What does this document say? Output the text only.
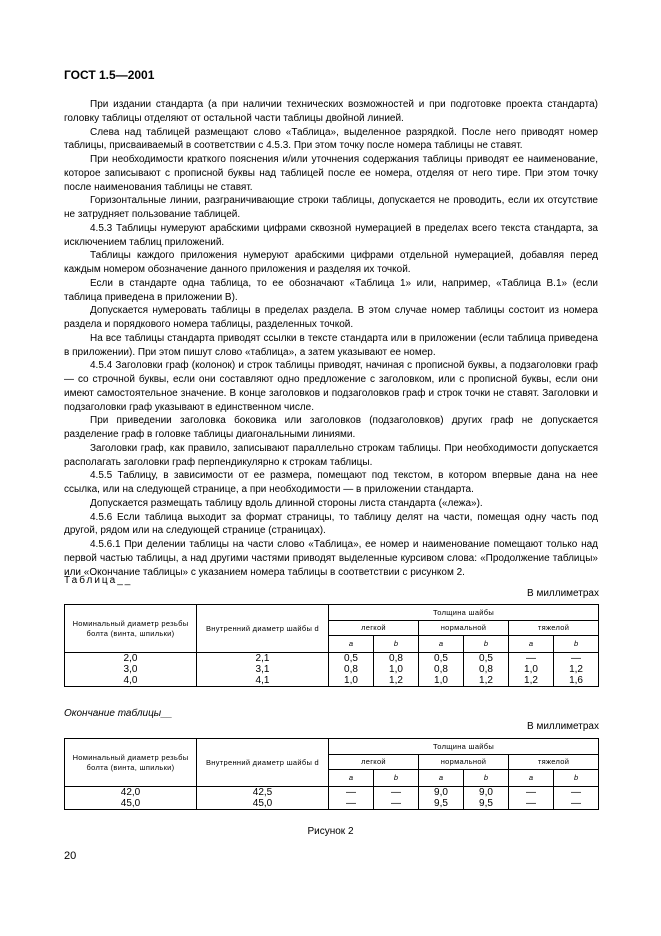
ГОСТ 1.5—2001

При издании стандарта (а при наличии технических возможностей и при подготовке проекта стандарта) головку таблицы отделяют от остальной части таблицы двойной линией.

Слева над таблицей размещают слово «Таблица», выделенное разрядкой. После него приводят номер таблицы, присваиваемый в соответствии с 4.5.3. При этом точку после номера таблицы не ставят.

При необходимости краткого пояснения и/или уточнения содержания таблицы приводят ее наименование, которое записывают с прописной буквы над таблицей после ее номера, отделяя от него тире. При этом точку после наименования таблицы не ставят.

Горизонтальные линии, разграничивающие строки таблицы, допускается не проводить, если их отсутствие не затрудняет пользование таблицей.

4.5.3 Таблицы нумеруют арабскими цифрами сквозной нумерацией в пределах всего текста стандарта, за исключением таблиц приложений.

Таблицы каждого приложения нумеруют арабскими цифрами отдельной нумерацией, добавляя перед каждым номером обозначение данного приложения и разделяя их точкой.

Если в стандарте одна таблица, то ее обозначают «Таблица 1» или, например, «Таблица В.1» (если таблица приведена в приложении В).

Допускается нумеровать таблицы в пределах раздела. В этом случае номер таблицы состоит из номера раздела и порядкового номера таблицы, разделенных точкой.

На все таблицы стандарта приводят ссылки в тексте стандарта или в приложении (если таблица приведена в приложении). При этом пишут слово «таблица», а затем указывают ее номер.

4.5.4 Заголовки граф (колонок) и строк таблицы приводят, начиная с прописной буквы, а подзаголовки граф — со строчной буквы, если они составляют одно предложение с заголовком, или с прописной буквы, если они имеют самостоятельное значение. В конце заголовков и подзаголовков граф и строк точки не ставят. Заголовки и подзаголовки граф указывают в единственном числе.

При приведении заголовка боковика или заголовков (подзаголовков) других граф не допускается разделение граф в головке таблицы диагональными линиями.

Заголовки граф, как правило, записывают параллельно строкам таблицы. При необходимости допускается располагать заголовки граф перпендикулярно к строкам таблицы.

4.5.5 Таблицу, в зависимости от ее размера, помещают под текстом, в котором впервые дана на нее ссылка, или на следующей странице, а при необходимости — в приложении стандарта.

Допускается размещать таблицу вдоль длинной стороны листа стандарта («лежа»).

4.5.6 Если таблица выходит за формат страницы, то таблицу делят на части, помещая одну часть под другой, рядом или на следующей странице (страницах).

4.5.6.1 При делении таблицы на части слово «Таблица», ее номер и наименование помещают только над первой частью таблицы, а над другими частями приводят выделенные курсивом слова: «Продолжение таблицы» или «Окончание таблицы» с указанием номера таблицы в соответствии с рисунком 2.

Таблица__
В миллиметрах
Номинальный диаметр резьбы болта (винта, шпильки)	Внутренний диаметр шайбы d	Толщина шайбы					
		легкой		нормальной		тяжелой	
		a	b	a	b	a	b
2,0	2,1	0,5	0,8	0,5	0,5	—	—
3,0	3,1	0,8	1,0	0,8	0,8	1,0	1,2
4,0	4,1	1,0	1,2	1,0	1,2	1,2	1,6
Окончание таблицы__
В миллиметрах
Номинальный диаметр резьбы болта (винта, шпильки)	Внутренний диаметр шайбы d	Толщина шайбы					
		легкой		нормальной		тяжелой	
		a	b	a	b	a	b
42,0	42,5	—	—	9,0	9,0	—	—
45,0	45,0	—	—	9,5	9,5	—	—
Рисунок 2
20
